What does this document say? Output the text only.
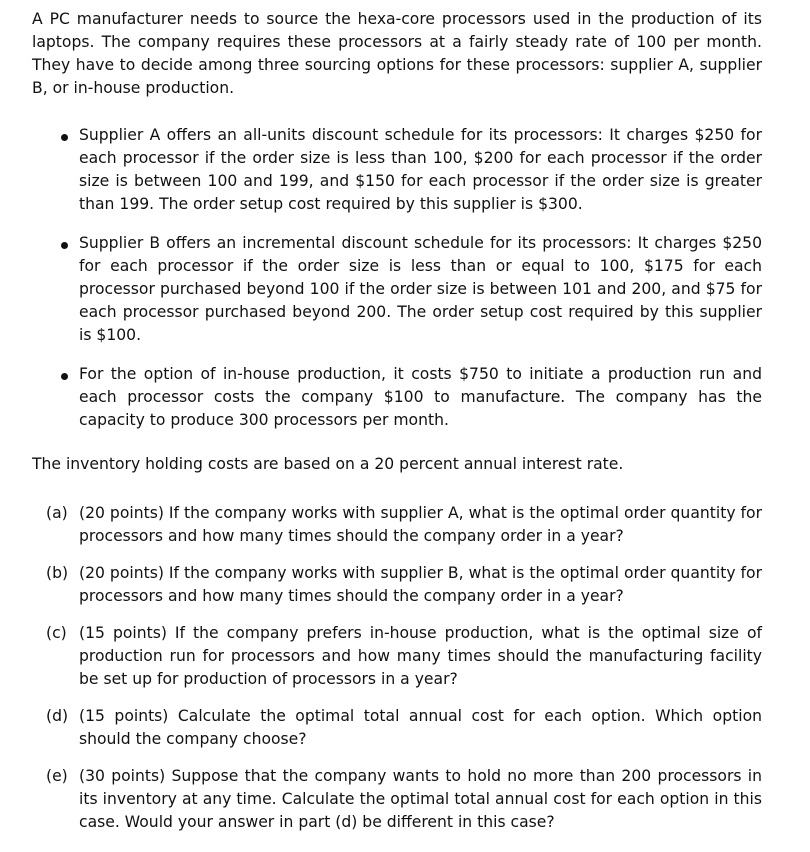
A PC manufacturer needs to source the hexa-core processors used in the production of its laptops. The company requires these processors at a fairly steady rate of 100 per month. They have to decide among three sourcing options for these processors: supplier A, supplier B, or in-house production.

Supplier A offers an all-units discount schedule for its processors: It charges $250 for each processor if the order size is less than 100, $200 for each processor if the order size is between 100 and 199, and $150 for each processor if the order size is greater than 199. The order setup cost required by this supplier is $300.
Supplier B offers an incremental discount schedule for its processors: It charges $250 for each processor if the order size is less than or equal to 100, $175 for each processor purchased beyond 100 if the order size is between 101 and 200, and $75 for each processor purchased beyond 200. The order setup cost required by this supplier is $100.
For the option of in-house production, it costs $750 to initiate a production run and each processor costs the company $100 to manufacture. The company has the capacity to produce 300 processors per month.

The inventory holding costs are based on a 20 percent annual interest rate.

(a) (20 points) If the company works with supplier A, what is the optimal order quantity for processors and how many times should the company order in a year?
(b) (20 points) If the company works with supplier B, what is the optimal order quantity for processors and how many times should the company order in a year?
(c) (15 points) If the company prefers in-house production, what is the optimal size of production run for processors and how many times should the manufacturing facility be set up for production of processors in a year?
(d) (15 points) Calculate the optimal total annual cost for each option. Which option should the company choose?
(e) (30 points) Suppose that the company wants to hold no more than 200 processors in its inventory at any time. Calculate the optimal total annual cost for each option in this case. Would your answer in part (d) be different in this case?
